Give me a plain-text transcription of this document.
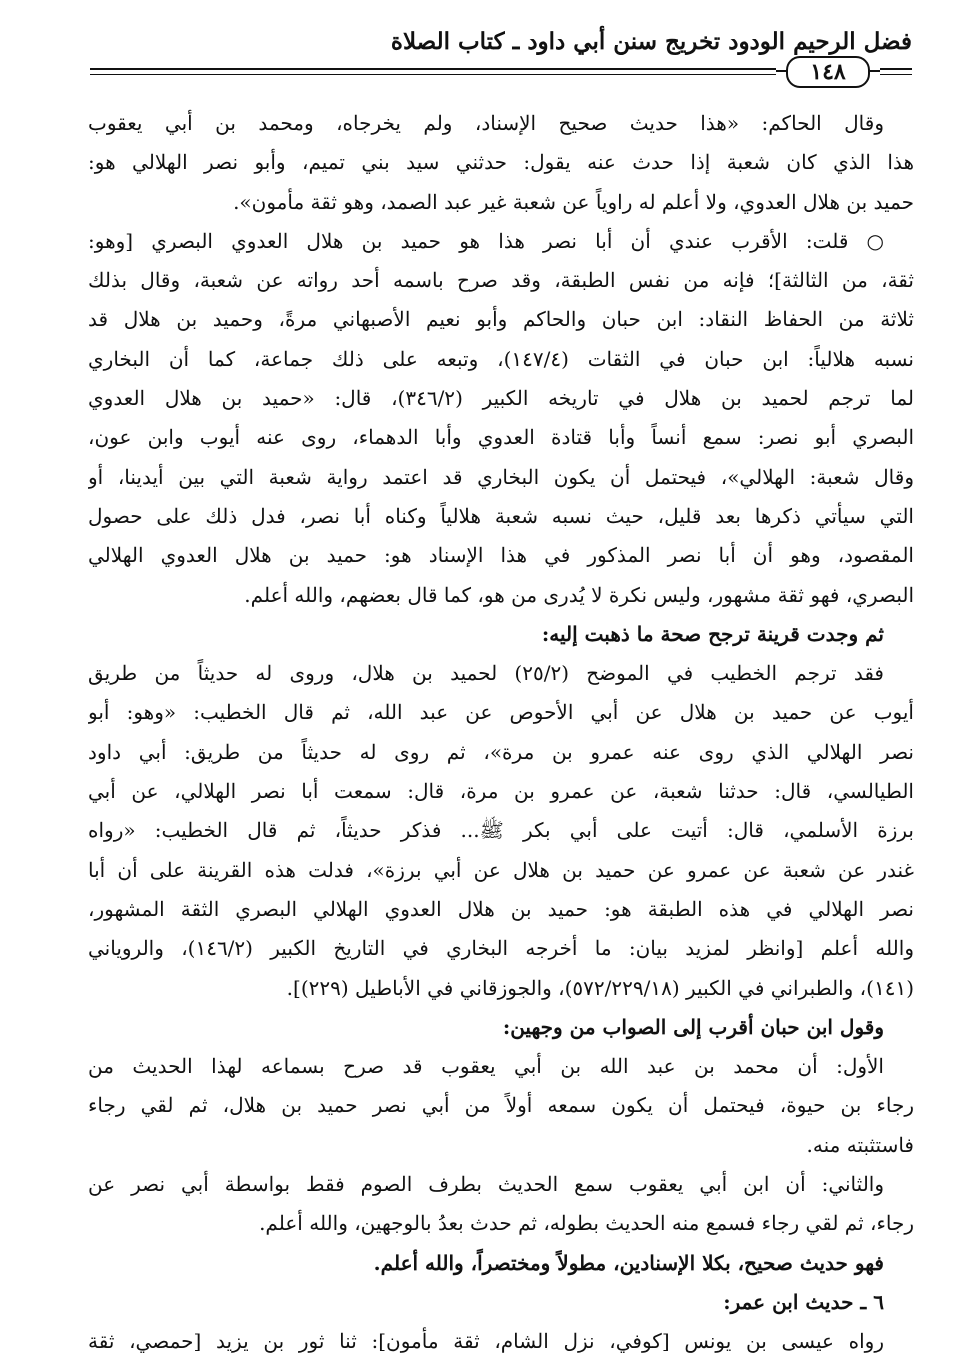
فضل الرحيم الودود تخريج سنن أبي داود ـ كتاب الصلاة
١٤٨
وقال الحاكم: «هذا حديث صحيح الإسناد، ولم يخرجاه، ومحمد بن أبي يعقوب
هذا الذي كان شعبة إذا حدث عنه يقول: حدثني سيد بني تميم، وأبو نصر الهلالي هو:
حميد بن هلال العدوي، ولا أعلم له راوياً عن شعبة غير عبد الصمد، وهو ثقة مأمون».
○ قلت: الأقرب عندي أن أبا نصر هذا هو حميد بن هلال العدوي البصري [وهو:
ثقة، من الثالثة]؛ فإنه من نفس الطبقة، وقد صرح باسمه أحد رواته عن شعبة، وقال بذلك
ثلاثة من الحفاظ النقاد: ابن حبان والحاكم وأبو نعيم الأصبهاني مرةً، وحميد بن هلال قد
نسبه هلالياً: ابن حبان في الثقات (١٤٧/٤)، وتبعه على ذلك جماعة، كما أن البخاري
لما ترجم لحميد بن هلال في تاريخه الكبير (٣٤٦/٢)، قال: «حميد بن هلال العدوي
البصري أبو نصر: سمع أنساً وأبا قتادة العدوي وأبا الدهماء، روى عنه أيوب وابن عون،
وقال شعبة: الهلالي»، فيحتمل أن يكون البخاري قد اعتمد رواية شعبة التي بين أيدينا، أو
التي سيأتي ذكرها بعد قليل، حيث نسبه شعبة هلالياً وكناه أبا نصر، فدل ذلك على حصول
المقصود، وهو أن أبا نصر المذكور في هذا الإسناد هو: حميد بن هلال العدوي الهلالي
البصري، فهو ثقة مشهور، وليس نكرة لا يُدرى من هو، كما قال بعضهم، والله أعلم.
ثم وجدت قرينة ترجح صحة ما ذهبت إليه:
فقد ترجم الخطيب في الموضح (٢٥/٢) لحميد بن هلال، وروى له حديثاً من طريق
أيوب عن حميد بن هلال عن أبي الأحوص عن عبد الله، ثم قال الخطيب: «وهو: أبو
نصر الهلالي الذي روى عنه عمرو بن مرة»، ثم روى له حديثاً من طريق: أبي داود
الطيالسي، قال: حدثنا شعبة، عن عمرو بن مرة، قال: سمعت أبا نصر الهلالي، عن أبي
برزة الأسلمي، قال: أتيت على أبي بكر ﷺ... فذكر حديثاً، ثم قال الخطيب: «رواه
غندر عن شعبة عن عمرو عن حميد بن هلال عن أبي برزة»، فدلت هذه القرينة على أن أبا
نصر الهلالي في هذه الطبقة هو: حميد بن هلال العدوي الهلالي البصري الثقة المشهور،
والله أعلم [وانظر لمزيد بيان: ما أخرجه البخاري في التاريخ الكبير (١٤٦/٢)، والروياني
(١٤١)، والطبراني في الكبير (٥٧٢/٢٢٩/١٨)، والجوزقاني في الأباطيل (٢٢٩)].
وقول ابن حبان أقرب إلى الصواب من وجهين:
الأول: أن محمد بن عبد الله بن أبي يعقوب قد صرح بسماعه لهذا الحديث من
رجاء بن حيوة، فيحتمل أن يكون سمعه أولاً من أبي نصر حميد بن هلال، ثم لقي رجاء
فاستثبته منه.
والثاني: أن ابن أبي يعقوب سمع الحديث بطرف الصوم فقط بواسطة أبي نصر عن
رجاء، ثم لقي رجاء فسمع منه الحديث بطوله، ثم حدث بعدُ بالوجهين، والله أعلم.
فهو حديث صحيح، بكلا الإسنادين، مطولاً ومختصراً، والله أعلم.
٦ ـ حديث ابن عمر:
رواه عيسى بن يونس [كوفي، نزل الشام، ثقة مأمون]: ثنا ثور بن يزيد [حمصي، ثقة
